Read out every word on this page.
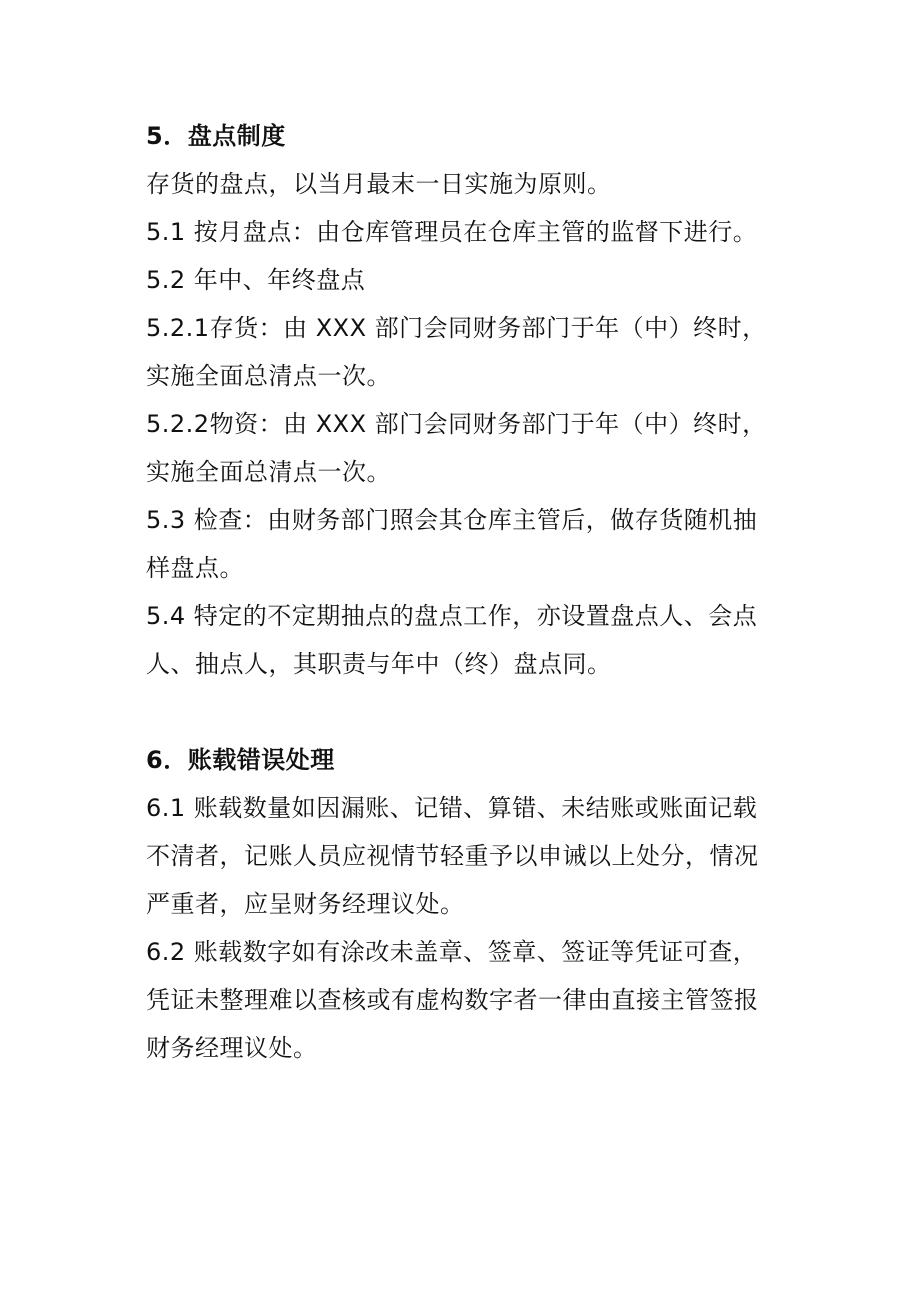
5．盘点制度
存货的盘点，以当月最末一日实施为原则。
5.1 按月盘点：由仓库管理员在仓库主管的监督下进行。
5.2 年中、年终盘点
5.2.1存货：由 XXX 部门会同财务部门于年（中）终时，
实施全面总清点一次。
5.2.2物资：由 XXX 部门会同财务部门于年（中）终时，
实施全面总清点一次。
5.3 检查：由财务部门照会其仓库主管后，做存货随机抽
样盘点。
5.4 特定的不定期抽点的盘点工作，亦设置盘点人、会点
人、抽点人，其职责与年中（终）盘点同。
6．账载错误处理
6.1 账载数量如因漏账、记错、算错、未结账或账面记载
不清者，记账人员应视情节轻重予以申诫以上处分，情况
严重者，应呈财务经理议处。
6.2 账载数字如有涂改未盖章、签章、签证等凭证可查，
凭证未整理难以查核或有虚构数字者一律由直接主管签报
财务经理议处。
